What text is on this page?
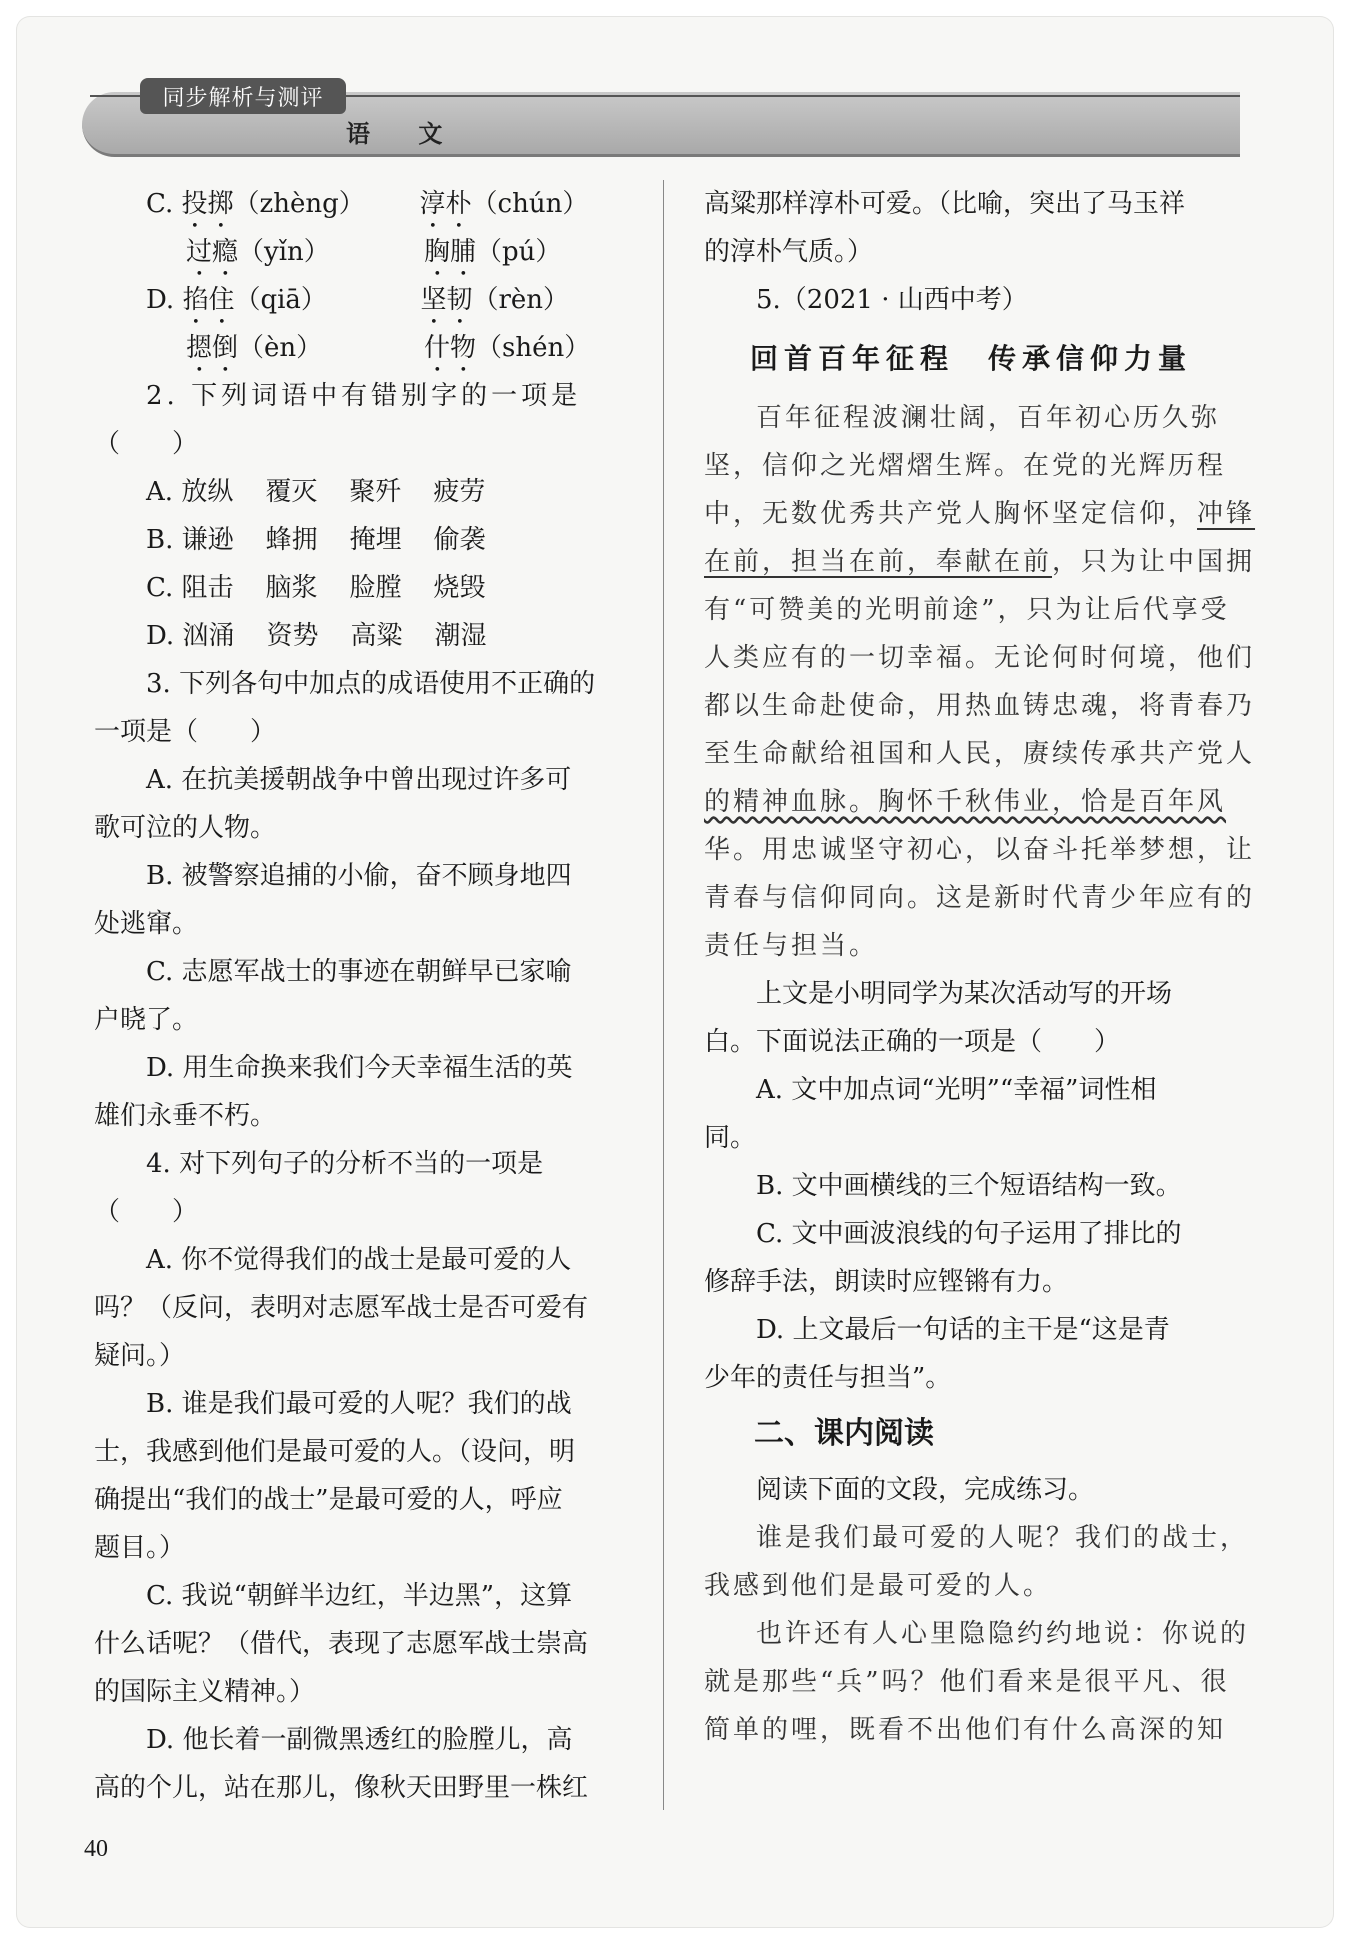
同步解析与测评
语 文

C. 投掷（zhèng） 淳朴（chún）

过瘾（yǐn）	胸脯（pú）

D. 掐住（qiā）	坚韧（rèn）

摁倒（èn）	什物（shén）

2. 下列词语中有错别字的一项是

（　　）

A. 放纵 覆灭 聚歼 疲劳

B. 谦逊 蜂拥 掩埋 偷袭

C. 阻击 脑浆 脸膛 烧毁

D. 汹涌 资势 高粱 潮湿

3. 下列各句中加点的成语使用不正确的

一项是（　　）

A. 在抗美援朝战争中曾出现过许多可

歌可泣的人物。

B. 被警察追捕的小偷，奋不顾身地四

处逃窜。

C. 志愿军战士的事迹在朝鲜早已家喻

户晓了。

D. 用生命换来我们今天幸福生活的英

雄们永垂不朽。

4. 对下列句子的分析不当的一项是

（　　）

A. 你不觉得我们的战士是最可爱的人

吗？（反问，表明对志愿军战士是否可爱有

疑问。）

B. 谁是我们最可爱的人呢？我们的战

士，我感到他们是最可爱的人。（设问，明

确提出“我们的战士”是最可爱的人，呼应

题目。）

C. 我说“朝鲜半边红，半边黑”，这算

什么话呢？（借代，表现了志愿军战士崇高

的国际主义精神。）

D. 他长着一副微黑透红的脸膛儿，高

高的个儿，站在那儿，像秋天田野里一株红

高粱那样淳朴可爱。（比喻，突出了马玉祥

的淳朴气质。）

5.（2021 · 山西中考）

回首百年征程　传承信仰力量

百年征程波澜壮阔，百年初心历久弥

坚，信仰之光熠熠生辉。在党的光辉历程

中，无数优秀共产党人胸怀坚定信仰，冲锋

在前，担当在前，奉献在前，只为让中国拥

有“可赞美的光明前途”，只为让后代享受

人类应有的一切幸福。无论何时何境，他们

都以生命赴使命，用热血铸忠魂，将青春乃

至生命献给祖国和人民，赓续传承共产党人

的精神血脉。胸怀千秋伟业，恰是百年风

华。用忠诚坚守初心，以奋斗托举梦想，让

青春与信仰同向。这是新时代青少年应有的

责任与担当。

上文是小明同学为某次活动写的开场

白。下面说法正确的一项是（　　）

A. 文中加点词“光明”“幸福”词性相

同。

B. 文中画横线的三个短语结构一致。

C. 文中画波浪线的句子运用了排比的

修辞手法，朗读时应铿锵有力。

D. 上文最后一句话的主干是“这是青

少年的责任与担当”。

二、课内阅读

阅读下面的文段，完成练习。

谁是我们最可爱的人呢？我们的战士，

我感到他们是最可爱的人。

也许还有人心里隐隐约约地说：你说的

就是那些“兵”吗？他们看来是很平凡、很

简单的哩，既看不出他们有什么高深的知

40
